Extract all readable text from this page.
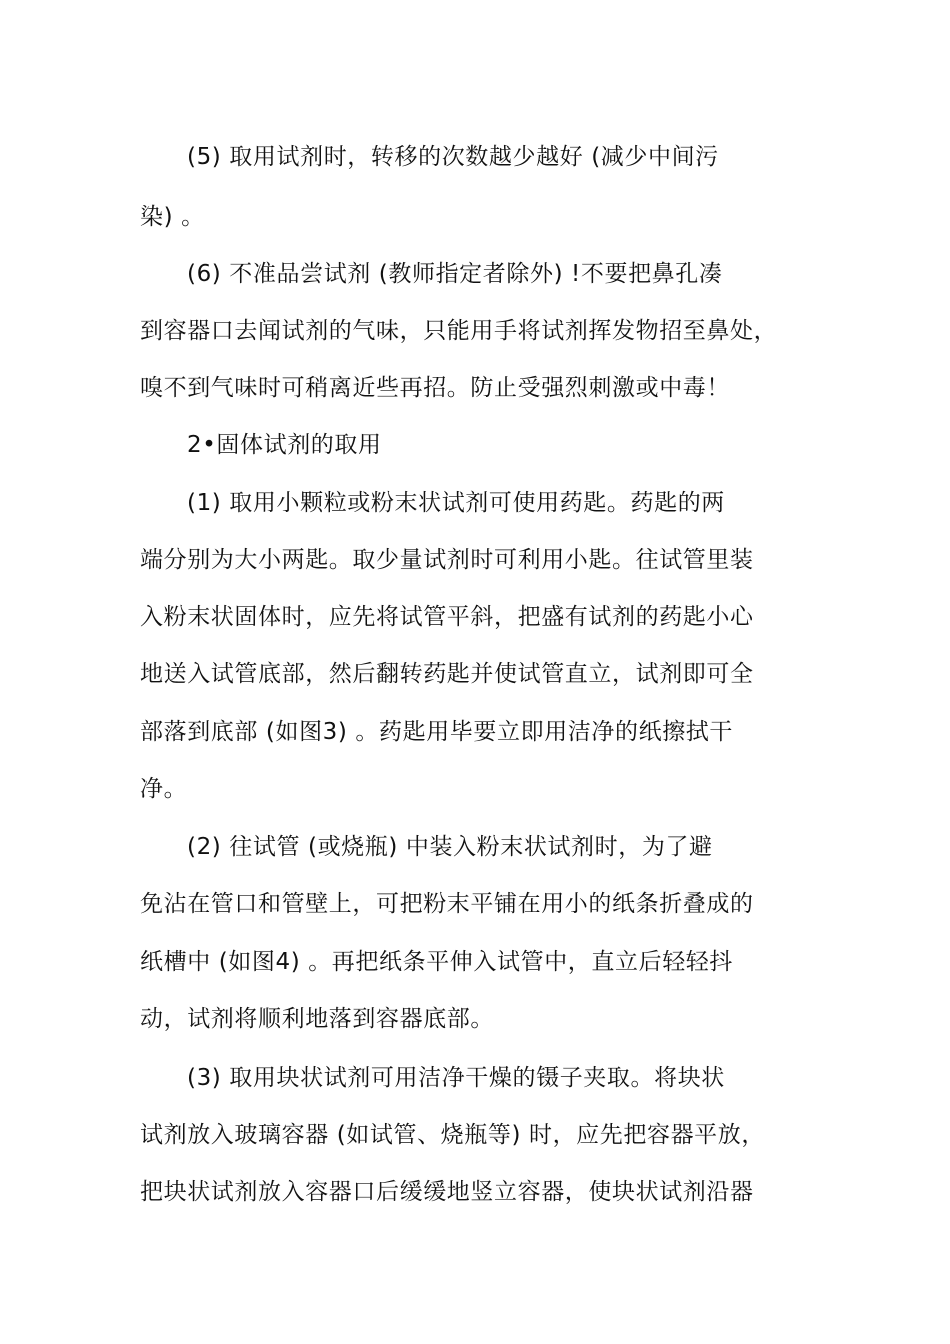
(5) 取用试剂时，转移的次数越少越好 (减少中间污
染) 。
(6) 不准品尝试剂 (教师指定者除外) !不要把鼻孔凑
到容器口去闻试剂的气味，只能用手将试剂挥发物招至鼻处，
嗅不到气味时可稍离近些再招。防止受强烈刺激或中毒！
2•固体试剂的取用
(1) 取用小颗粒或粉末状试剂可使用药匙。药匙的两
端分别为大小两匙。取少量试剂时可利用小匙。往试管里装
入粉末状固体时，应先将试管平斜，把盛有试剂的药匙小心
地送入试管底部，然后翻转药匙并使试管直立，试剂即可全
部落到底部 (如图3) 。药匙用毕要立即用洁净的纸擦拭干
净。
(2) 往试管 (或烧瓶) 中装入粉末状试剂时，为了避
免沾在管口和管壁上，可把粉末平铺在用小的纸条折叠成的
纸槽中 (如图4) 。再把纸条平伸入试管中，直立后轻轻抖
动，试剂将顺利地落到容器底部。
(3) 取用块状试剂可用洁净干燥的镊子夹取。将块状
试剂放入玻璃容器 (如试管、烧瓶等) 时，应先把容器平放，
把块状试剂放入容器口后缓缓地竖立容器，使块状试剂沿器
